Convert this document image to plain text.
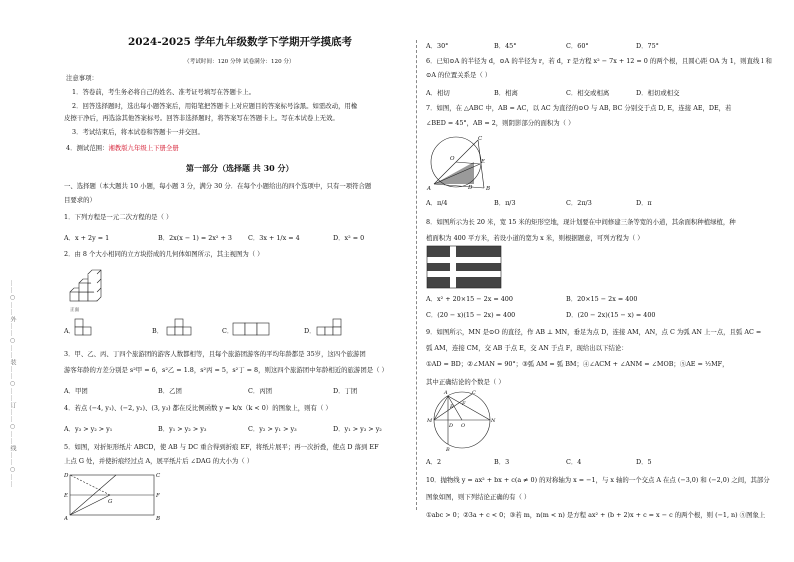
……○……外……○……装……○……订……○……线……○……
2024-2025 学年九年级数学下学期开学摸底考
（考试时间：120 分钟 试卷满分：120 分）
注意事项：
1．答卷前，考生务必将自己的姓名、准考证号填写在答题卡上。
2．回答选择题时，选出每小题答案后，用铅笔把答题卡上对应题目的答案标号涂黑。如需改动，用橡
皮擦干净后，再选涂其他答案标号。回答非选择题时，将答案写在答题卡上。写在本试卷上无效。
3．考试结束后，将本试卷和答题卡一并交回。
4．测试范围：湘教版九年级上下册全册
第一部分（选择题 共 30 分）
一、选择题（本大题共 10 小题，每小题 3 分，满分 30 分．在每个小题给出的四个选项中，只有一项符合题
目要求的）
1．下列方程是一元二次方程的是（ ）
A．x + 2y = 1	B．2x(x − 1) = 2x² + 3	C．3x + 1/x = 4	D．x² = 0
2．由 8 个大小相同的立方块搭成的几何体如图所示，其主视图为（ ）
正面
A．	B．	C．	D．
3．甲、乙、丙、丁四个旅游团的游客人数都相等，且每个旅游团游客的平均年龄都是 35岁，这四个旅游团
游客年龄的方差分别是 s²甲 = 6，s²乙 = 1.8，s²丙 = 5，s²丁 = 8，则这四个旅游团中年龄相近的旅游团是（ ）
A．甲团	B．乙团	C．丙团	D．丁团
4．若点 (−4, y₁)、(−2, y₂)、(3, y₃) 都在反比例函数 y = k/x（k < 0）的图象上，则有（ ）
A．y₃ > y₂ > y₁	B．y₁ > y₂ > y₃	C．y₂ > y₁ > y₃	D．y₁ > y₃ > y₂
5．如图，对折矩形纸片 ABCD，使 AB 与 DC 重合得到折痕 EF，将纸片展平；再一次折叠，使点 D 落到 EF
上点 G 处，并使折痕经过点 A，展平纸片后 ∠DAG 的大小为（ ）
D	C
E	F
G
A	B
A．30°	B．45°	C．60°	D．75°
6．已知⊙A 的半径为 d，⊙A 的半径为 r，若 d，r 是方程 x² − 7x + 12 = 0 的两个根，且圆心距 OA 为 1，则直线 l 和
⊙A 的位置关系是（ ）
A．相切	B．相离	C．相交或相离	D．相切或相交
7．如图，在 △ABC 中，AB = AC，以 AC 为直径的⊙O 与 AB, BC 分别交于点 D, E，连接 AE，DE，若
∠BED = 45°，AB = 2，则阴影部分的面积为（ ）
A
O
D
E
B
C
A．π/4	B．π/3	C．2π/3	D．π
8．如图所示为长 20 米，宽 15 米的矩形空地，现计划要在中间修建三条等宽的小道，其余面积种植绿植，种
植面积为 400 平方米，若设小道的宽为 x 米，则根据题意，可列方程为（ ）
A．x² + 20×15 − 2x = 400	B．20×15 − 2x = 400
C．(20 − x)(15 − 2x) = 400	D．(20 − 2x)(15 − x) = 400
9．如图所示，MN 是⊙O 的直径，作 AB ⊥ MN，垂足为点 D，连接 AM，AN，点 C 为弧 AN 上一点，且弧 AC =
弧 AM，连接 CM，交 AB 于点 E，交 AN 于点 F，现给出以下结论：
①AD = BD；②∠MAN = 90°；③弧 AM = 弧 BM；④∠ACM + ∠ANM = ∠MOB；⑤AE = ½MF，
其中正确结论的个数是（ ）
A	C
E F
M
O
D
N
B
A．2	B．3	C．4	D．5
10．抛物线 y = ax² + bx + c(a ≠ 0) 的对称轴为 x = −1，与 x 轴的一个交点 A 在点 (−3,0) 和 (−2,0) 之间，其部分
图象如图，则下列结论正确的有（ ）
①abc > 0；②3a + c < 0；③若 m，n(m < n) 是方程 ax² + (b + 2)x + c = x − c 的两个根，则 (−1, n) ⑤图象上
